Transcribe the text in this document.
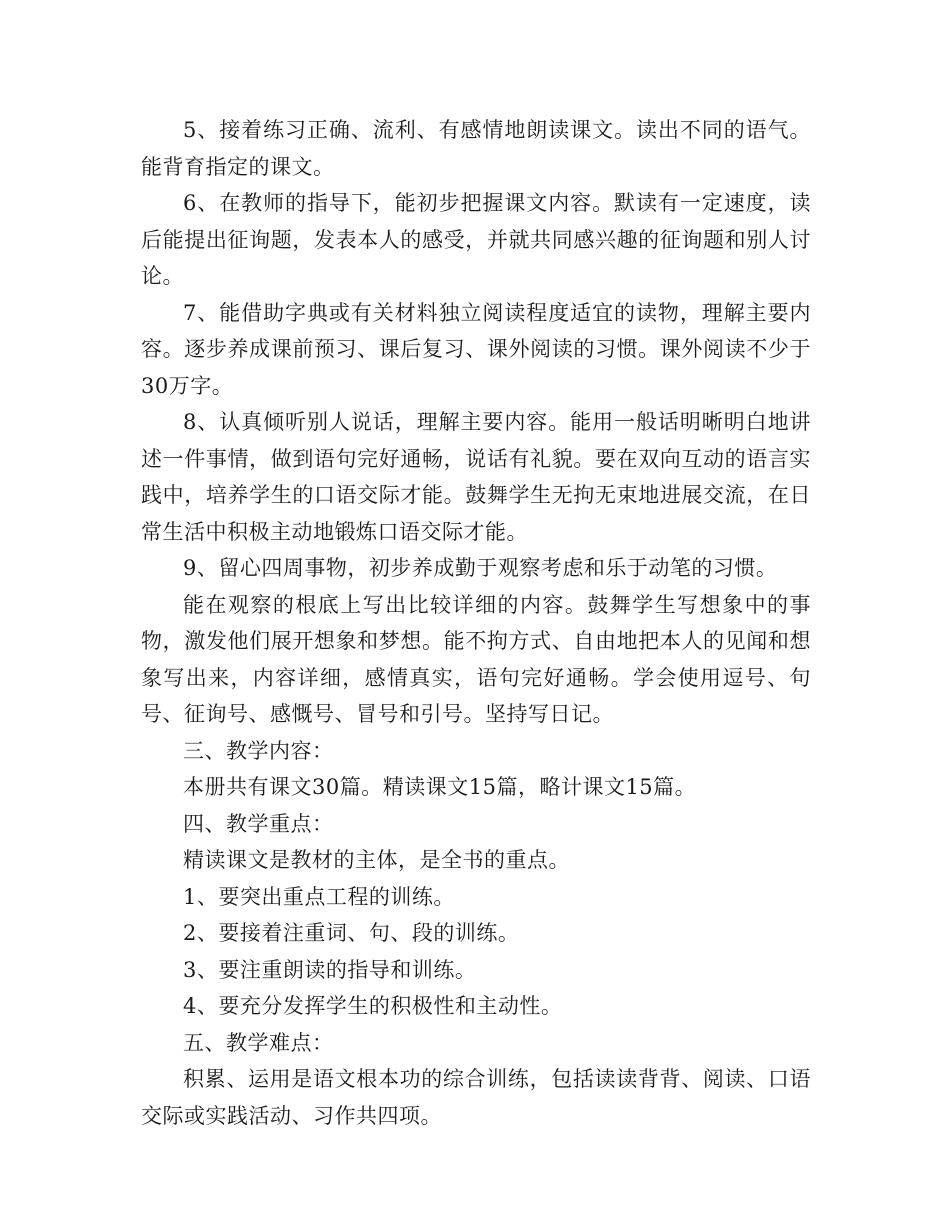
5、接着练习正确、流利、有感情地朗读课文。读出不同的语气。能背育指定的课文。

6、在教师的指导下，能初步把握课文内容。默读有一定速度，读后能提出征询题，发表本人的感受，并就共同感兴趣的征询题和别人讨论。

7、能借助字典或有关材料独立阅读程度适宜的读物，理解主要内容。逐步养成课前预习、课后复习、课外阅读的习惯。课外阅读不少于30万字。

8、认真倾听别人说话，理解主要内容。能用一般话明晰明白地讲述一件事情，做到语句完好通畅，说话有礼貌。要在双向互动的语言实践中，培养学生的口语交际才能。鼓舞学生无拘无束地进展交流，在日常生活中积极主动地锻炼口语交际才能。

9、留心四周事物，初步养成勤于观察考虑和乐于动笔的习惯。

能在观察的根底上写出比较详细的内容。鼓舞学生写想象中的事物，激发他们展开想象和梦想。能不拘方式、自由地把本人的见闻和想象写出来，内容详细，感情真实，语句完好通畅。学会使用逗号、句号、征询号、感慨号、冒号和引号。坚持写日记。

三、教学内容：

本册共有课文30篇。精读课文15篇，略计课文15篇。

四、教学重点：

精读课文是教材的主体，是全书的重点。

1、要突出重点工程的训练。

2、要接着注重词、句、段的训练。

3、要注重朗读的指导和训练。

4、要充分发挥学生的积极性和主动性。

五、教学难点：

积累、运用是语文根本功的综合训练，包括读读背背、阅读、口语交际或实践活动、习作共四项。
